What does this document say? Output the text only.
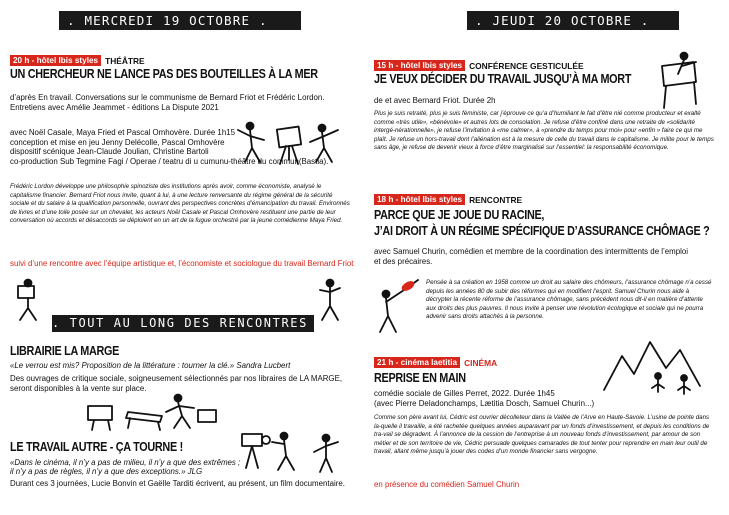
. MERCREDI 19 OCTOBRE .
20 h - hôtel Ibis styles THÉÂTRE
UN CHERCHEUR NE LANCE PAS DES BOUTEILLES À LA MER
d’après En travail. Conversations sur le communisme de Bernard Friot et Frédéric Lordon. Entretiens avec Amélie Jeammet - éditions La Dispute 2021
avec Noël Casale, Maya Fried et Pascal Omhovère. Durée 1h15
conception et mise en jeu Jenny Delécolle, Pascal Omhovère
dispositif scénique Jean-Claude Joulian, Christine Bartoli
co-production Sub Tegmine Fagi / Operae / teatru di u cumunu-théâtre du commun(Bastia).
Frédéric Lordon développe une philosophie spinoziste des institutions après avoir, comme économiste, analysé le capitalisme financier. Bernard Friot nous invite, quant à lui, à une lecture renversante du régime général de la sécurité sociale et du salaire à la qualification personnelle, ouvrant des perspectives concrètes d’émancipation du travail. Environnés de livres et d’une toile posée sur un chevalet, les acteurs Noël Casale et Pascal Omhovère restituent une partie de leur conversation où accords et désaccords se déploient en un art de la fugue orchestré par la jeune comédienne Maya Fried.
suivi d’une rencontre avec l’équipe artistique et, l’économiste et sociologue du travail Bernard Friot
. TOUT AU LONG DES RENCONTRES .
LIBRAIRIE LA MARGE
«Le verrou est mis? Proposition de la littérature : tourner la clé.» Sandra Lucbert
Des ouvrages de critique sociale, soigneusement sélectionnés par nos libraires de LA MARGE, seront disponibles à la vente sur place.
LE TRAVAIL AUTRE - ÇA TOURNE !
«Dans le cinéma, il n’y a pas de milieu, il n’y a que des extrêmes ;
il n’y a pas de règles, il n’y a que des exceptions.» JLG
Durant ces 3 journées, Lucie Bonvin et Gaëlle Tarditi écrivent, au présent, un film documentaire.
. JEUDI 20 OCTOBRE .
15 h - hôtel Ibis styles CONFÉRENCE GESTICULÉE
JE VEUX DÉCIDER DU TRAVAIL JUSQU’À MA MORT
de et avec Bernard Friot. Durée 2h
Plus je suis retraité, plus je suis féministe, car j’éprouve ce qu’a d’humiliant le fait d’être nié comme producteur et exalté comme «très utile», «bénévole» et autres lots de consolation. Je refuse d’être confiné dans une retraite de «solidarité intergé-nérationnelle», je refuse l’invitation à «me calmer», à «prendre du temps pour moi» pour «enfin » faire ce qui me plaît. Je refuse un hors-travail dont l’aliénation est à la mesure de celle du travail dans le capitalisme. Je milite pour le temps sans âge, je refuse de devenir vieux à force d’être marginalisé sur l’essentiel: la responsabilité économique.
18 h - hôtel Ibis styles RENCONTRE
PARCE QUE JE JOUE DU RACINE,
J’AI DROIT À UN RÉGIME SPÉCIFIQUE D’ASSURANCE CHÔMAGE ?
avec Samuel Churin, comédien et membre de la coordination des intermittents de l’emploi et des précaires.
Pensée à sa création en 1958 comme un droit au salaire des chômeurs, l’assurance chômage n’a cessé depuis les années 80 de subir des réformes qui en modifient l’esprit. Samuel Churin nous aide à décrypter la récente réforme de l’assurance chômage, sans précédent nous dit-il en matière d’attente aux droits des plus pauvres. Il nous invite à penser une révolution écologique et sociale qui ne pourra advenir sans droits attachés à la personne.
21 h - cinéma laetitia CINÉMA
REPRISE EN MAIN
comédie sociale de Gilles Perret, 2022. Durée 1h45
(avec Pierre Deladonchamps, Lætitia Dosch, Samuel Churin...)
Comme son père avant lui, Cédric est ouvrier décolleteur dans la Vallée de l’Arve en Haute-Savoie. L’usine de pointe dans la-quelle il travaille, a été rachetée quelques années auparavant par un fonds d’investissement, et depuis les conditions de tra-vail se dégradent. À l’annonce de la cession de l’entreprise à un nouveau fonds d’investissement, par amour de son métier et de son territoire de vie, Cédric persuade quelques camarades de tout tenter pour reprendre en main leur outil de travail, allant même jusqu’à jouer des codes d’un monde financier sans vergogne.
en présence du comédien Samuel Churin
